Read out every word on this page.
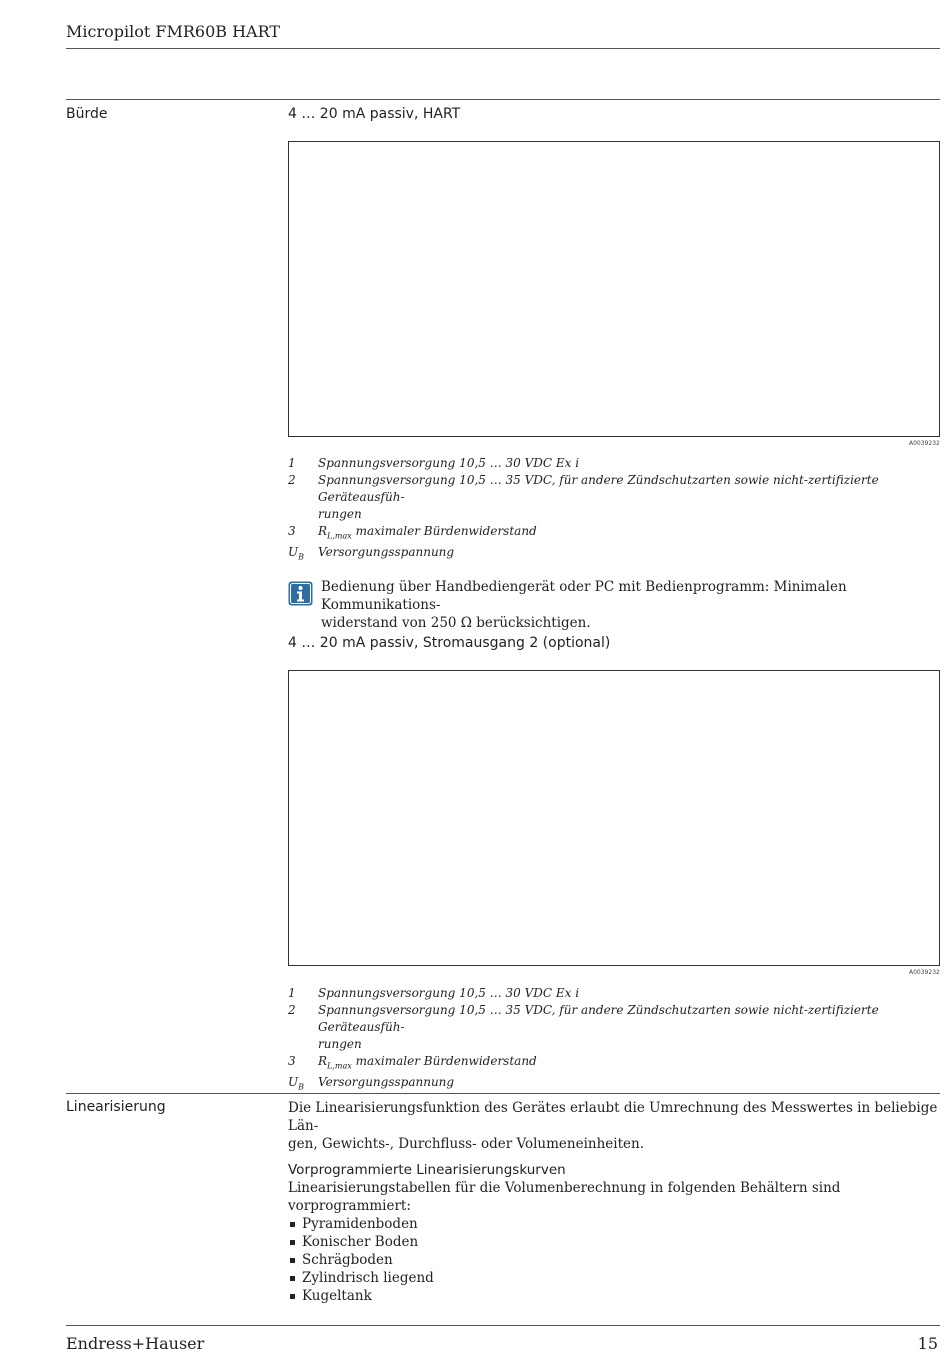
Micropilot FMR60B HART
Bürde	4 … 20 mA passiv, HART
A0039232
1 Spannungsversorgung 10,5 … 30 VDC Ex i
2 Spannungsversorgung 10,5 … 35 VDC, für andere Zündschutzarten sowie nicht-zertifizierte Geräteausfüh-
rungen
3 $R_{L,max}$ maximaler Bürdenwiderstand
$U_B$ Versorgungsspannung
Bedienung über Handbediengerät oder PC mit Bedienprogramm: Minimalen Kommunikations-
widerstand von 250 Ω berücksichtigen.
4 … 20 mA passiv, Stromausgang 2 (optional)
A0039232
1 Spannungsversorgung 10,5 … 30 VDC Ex i
2 Spannungsversorgung 10,5 … 35 VDC, für andere Zündschutzarten sowie nicht-zertifizierte Geräteausfüh-
rungen
3 $R_{L,max}$ maximaler Bürdenwiderstand
$U_B$ Versorgungsspannung
Linearisierung	Die Linearisierungsfunktion des Gerätes erlaubt die Umrechnung des Messwertes in beliebige Län-
gen, Gewichts-, Durchfluss- oder Volumeneinheiten.
Vorprogrammierte Linearisierungskurven
Linearisierungstabellen für die Volumenberechnung in folgenden Behältern sind vorprogrammiert:
Pyramidenboden
Konischer Boden
Schrägboden
Zylindrisch liegend
Kugeltank
Endress+Hauser	15
